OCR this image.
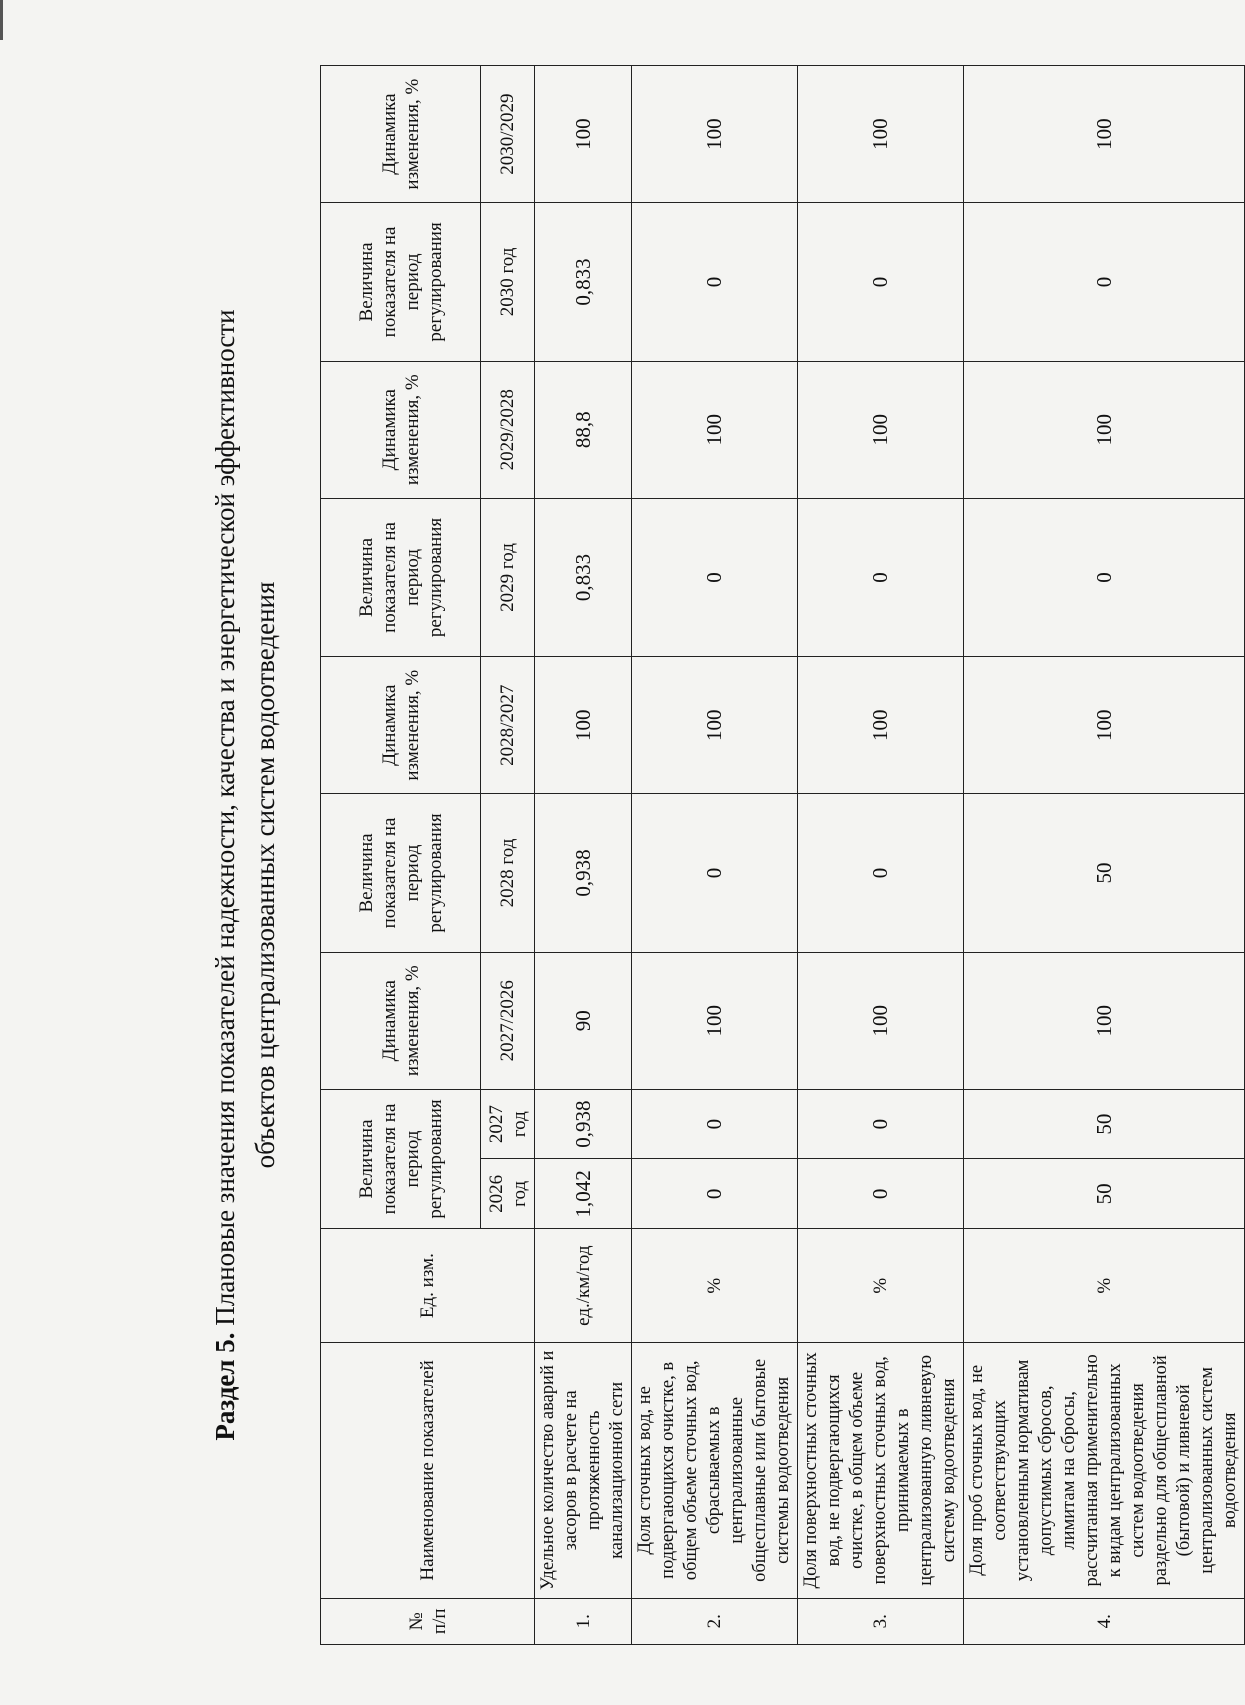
Раздел 5. Плановые значения показателей надежности, качества и энергетической эффективности объектов централизованных систем водоотведения
№
п/п	Наименование показателей	Ед. изм.	Величина показателя на период регулирования		Динамика изменения, %	Величина показателя на период регулирования	Динамика изменения, %	Величина показателя на период регулирования	Динамика изменения, %	Величина показателя на период регулирования	Динамика изменения, %
			2026 год	2027 год	2027/2026	2028 год	2028/2027	2029 год	2029/2028	2030 год	2030/2029
1.	Удельное количество аварий и засоров в расчете на протяженность канализационной сети	ед./км/год	1,042	0,938	90	0,938	100	0,833	88,8	0,833	100
2.	Доля сточных вод, не подвергающихся очистке, в общем объеме сточных вод, сбрасываемых в централизованные общесплавные или бытовые системы водоотведения	%	0	0	100	0	100	0	100	0	100
3.	Доля поверхностных сточных вод, не подвергающихся очистке, в общем объеме поверхностных сточных вод, принимаемых в централизованную ливневую систему водоотведения	%	0	0	100	0	100	0	100	0	100
4.	Доля проб сточных вод, не соответствующих установленным нормативам допустимых сбросов, лимитам на сбросы, рассчитанная применительно к видам централизованных систем водоотведения раздельно для общесплавной (бытовой) и ливневой централизованных систем водоотведения	%	50	50	100	50	100	0	100	0	100
